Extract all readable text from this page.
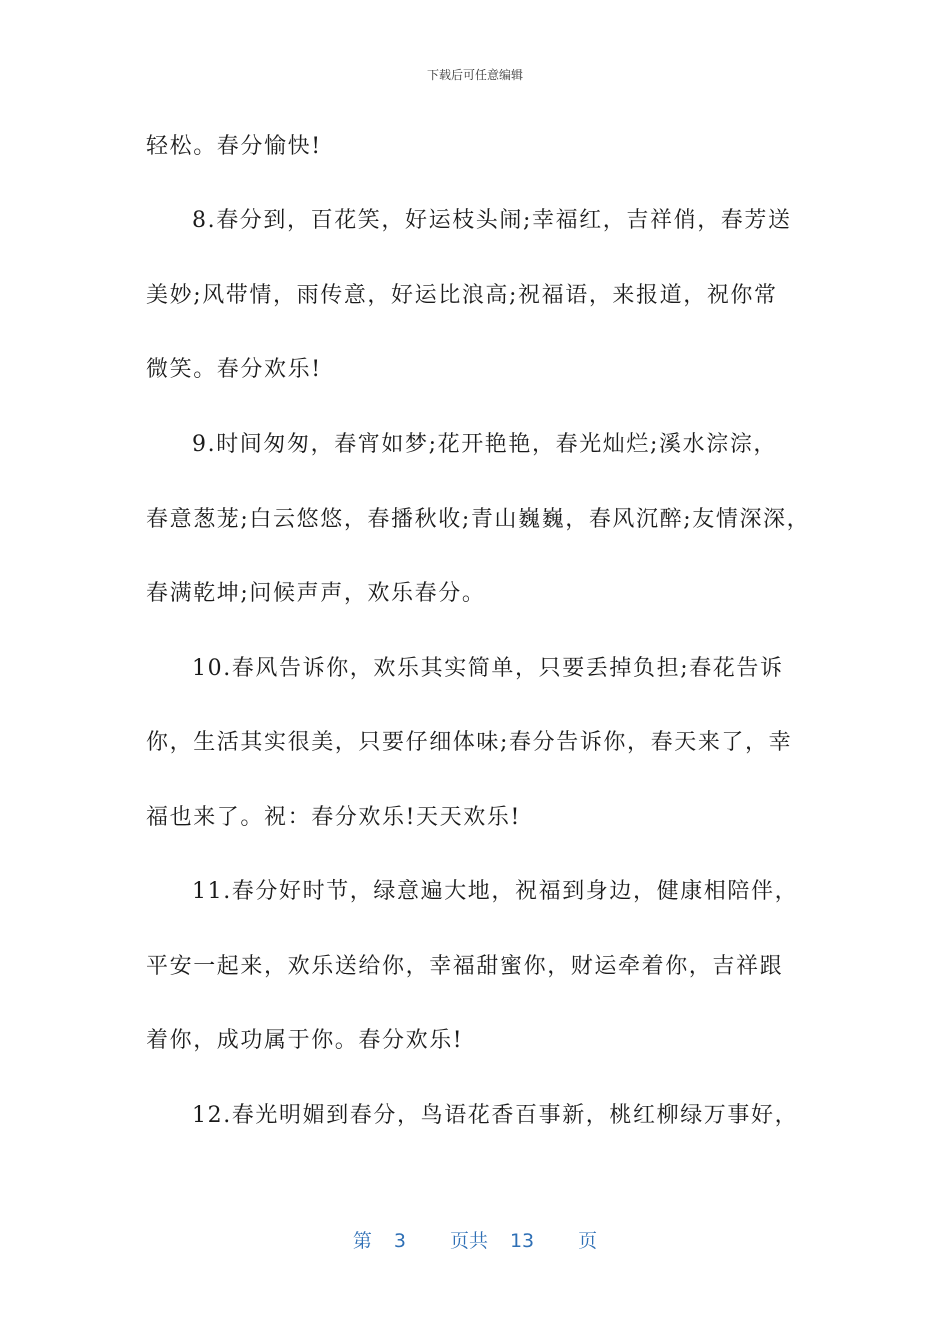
下载后可任意编辑
轻松。春分愉快!
8.春分到，百花笑，好运枝头闹;幸福红，吉祥俏，春芳送
美妙;风带情，雨传意，好运比浪高;祝福语，来报道，祝你常
微笑。春分欢乐!
9.时间匆匆，春宵如梦;花开艳艳，春光灿烂;溪水淙淙，
春意葱茏;白云悠悠，春播秋收;青山巍巍，春风沉醉;友情深深，
春满乾坤;问候声声，欢乐春分。
10.春风告诉你，欢乐其实简单，只要丢掉负担;春花告诉
你，生活其实很美，只要仔细体味;春分告诉你，春天来了，幸
福也来了。祝：春分欢乐!天天欢乐!
11.春分好时节，绿意遍大地，祝福到身边，健康相陪伴，
平安一起来，欢乐送给你，幸福甜蜜你，财运牵着你，吉祥跟
着你，成功属于你。春分欢乐!
12.春光明媚到春分，鸟语花香百事新，桃红柳绿万事好，
第 3 页共 13 页
